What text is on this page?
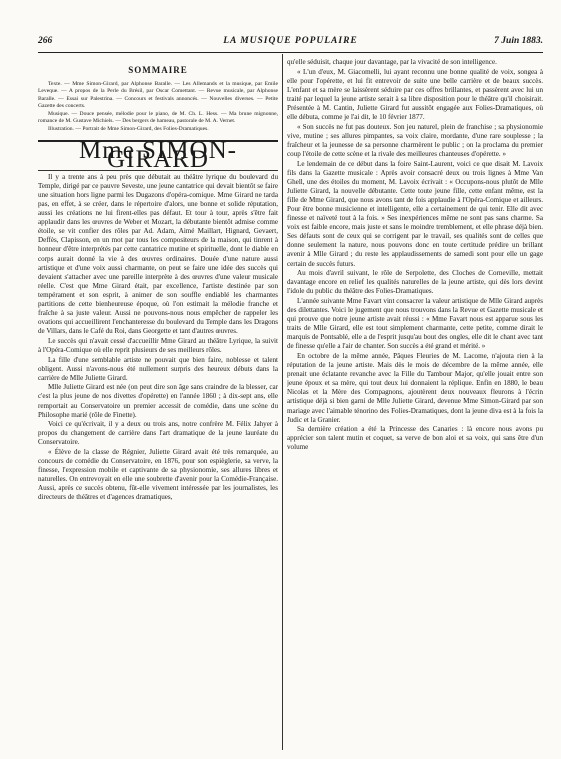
266	LA MUSIQUE POPULAIRE	7 Juin 1883.
SOMMAIRE

Texte. — Mme Simon-Girard, par Alphonse Baralle. — Les Allemands et la musique, par Emile Leveque. — A propos de la Perle du Brésil, par Oscar Comettant. — Revue musicale, par Alphonse Baralle. — Essai sur Palestrina. — Concours et festivals annoncés. — Nouvelles diverses. — Petite Gazette des concerts.

Musique. — Douce pensée, mélodie pour le piano, de M. Ch. L. Hess. — Ma brune mignonne, romance de M. Gustave Michiels. — Des bergers de hameau, pastorale de M. A. Vernet.

Illustration. — Portrait de Mme Simon-Girard, des Folies-Dramatiques.

Mme SIMON-GIRARD

Il y a trente ans à peu près que débutait au théâtre lyrique du boulevard du Temple, dirigé par ce pauvre Seveste, une jeune cantatrice qui devait bientôt se faire une situation hors ligne parmi les Dugazons d'opéra-comique. Mme Girard ne tarda pas, en effet, à se créer, dans le répertoire d'alors, une bonne et solide réputation, aussi les créations ne lui firent-elles pas défaut. Et tour à tour, après s'être fait applaudir dans les œuvres de Weber et Mozart, la débutante bientôt admise comme étoile, se vit confier des rôles par Ad. Adam, Aimé Maillart, Hignard, Gevaert, Deffès, Clapisson, en un mot par tous les compositeurs de la maison, qui tinrent à honneur d'être interprétés par cette cantatrice mutine et spirituelle, dont le diable en corps aurait donné la vie à des œuvres ordinaires. Douée d'une nature aussi artistique et d'une voix aussi charmante, on peut se faire une idée des succès qui devaient s'attacher avec une pareille interprète à des œuvres d'une valeur musicale réelle. C'est que Mme Girard était, par excellence, l'artiste destinée par son tempérament et son esprit, à animer de son souffle endiablé les charmantes partitions de cette bienheureuse époque, où l'on estimait la mélodie franche et fraîche à sa juste valeur. Aussi ne pouvons-nous nous empêcher de rappeler les ovations qui accueillirent l'enchanteresse du boulevard du Temple dans les Dragons de Villars, dans le Café du Roi, dans Georgette et tant d'autres œuvres.

Le succès qui n'avait cessé d'accueillir Mme Girard au théâtre Lyrique, la suivit à l'Opéra-Comique où elle reprit plusieurs de ses meilleurs rôles.

La fille d'une semblable artiste ne pouvait que bien faire, noblesse et talent obligent. Aussi n'avons-nous été nullement surpris des heureux débuts dans la carrière de Mlle Juliette Girard.

Mlle Juliette Girard est née (on peut dire son âge sans craindre de la blesser, car c'est la plus jeune de nos divettes d'opérette) en l'année 1860 ; à dix-sept ans, elle remportait au Conservatoire un premier accessit de comédie, dans une scène du Philosophe marié (rôle de Finette).

Voici ce qu'écrivait, il y a deux ou trois ans, notre confrère M. Félix Jahyer à propos du changement de carrière dans l'art dramatique de la jeune lauréate du Conservatoire.

« Élève de la classe de Régnier, Juliette Girard avait été très remarquée, au concours de comédie du Conservatoire, en 1876, pour son espièglerie, sa verve, la finesse, l'expression mobile et captivante de sa physionomie, ses allures libres et naturelles. On entrevoyait en elle une soubrette d'avenir pour la Comédie-Française. Aussi, après ce succès obtenu, fût-elle vivement intéressée par les journalistes, les directeurs de théâtres et d'agences dramatiques,

qu'elle séduisit, chaque jour davantage, par la vivacité de son intelligence.

« L'un d'eux, M. Giacomelli, lui ayant reconnu une bonne qualité de voix, songea à elle pour l'opérette, et lui fit entrevoir de suite une belle carrière et de beaux succès. L'enfant et sa mère se laissèrent séduire par ces offres brillantes, et passèrent avec lui un traité par lequel la jeune artiste serait à sa libre disposition pour le théâtre qu'il choisirait. Présentée à M. Cantin, Juliette Girard fut aussitôt engagée aux Folies-Dramatiques, où elle débuta, comme je l'ai dit, le 10 février 1877.

« Son succès ne fut pas douteux. Son jeu naturel, plein de franchise ; sa physionomie vive, mutine ; ses allures pimpantes, sa voix claire, mordante, d'une rare souplesse ; la fraîcheur et la jeunesse de sa personne charmèrent le public ; on la proclama du premier coup l'étoile de cette scène et la rivale des meilleures chanteuses d'opérette. »

Le lendemain de ce début dans la foire Saint-Laurent, voici ce que disait M. Lavoix fils dans la Gazette musicale : Après avoir consacré deux ou trois lignes à Mme Van Ghell, une des étoiles du moment, M. Lavoix écrivait : « Occupons-nous plutôt de Mlle Juliette Girard, la nouvelle débutante. Cette toute jeune fille, cette enfant même, est la fille de Mme Girard, que nous avons tant de fois applaudie à l'Opéra-Comique et ailleurs. Pour être bonne musicienne et intelligente, elle a certainement de qui tenir. Elle dit avec finesse et naïveté tout à la fois. » Ses inexpériences même ne sont pas sans charme. Sa voix est faible encore, mais juste et sans le moindre tremblement, et elle phrase déjà bien. Ses défauts sont de ceux qui se corrigent par le travail, ses qualités sont de celles que donne seulement la nature, nous pouvons donc en toute certitude prédire un brillant avenir à Mlle Girard ; du reste les applaudissements de samedi sont pour elle un gage certain de succès futurs.

Au mois d'avril suivant, le rôle de Serpolette, des Cloches de Corneville, mettait davantage encore en relief les qualités naturelles de la jeune artiste, qui dès lors devint l'idole du public du théâtre des Folies-Dramatiques.

L'année suivante Mme Favart vint consacrer la valeur artistique de Mlle Girard auprès des dilettantes. Voici le jugement que nous trouvons dans la Revue et Gazette musicale et qui prouve que notre jeune artiste avait réussi : « Mme Favart nous est apparue sous les traits de Mlle Girard, elle est tout simplement charmante, cette petite, comme dirait le marquis de Pontsablé, elle a de l'esprit jusqu'au bout des ongles, elle dit le chant avec tant de finesse qu'elle a l'air de chanter. Son succès a été grand et mérité. »

En octobre de la même année, Pâques Fleuries de M. Lacome, n'ajouta rien à la réputation de la jeune artiste. Mais dès le mois de décembre de la même année, elle prenait une éclatante revanche avec la Fille du Tambour Major, qu'elle jouait entre son jeune époux et sa mère, qui tout deux lui donnaient la réplique. Enfin en 1880, le beau Nicolas et la Mère des Compagnons, ajoutèrent deux nouveaux fleurons à l'écrin artistique déjà si bien garni de Mlle Juliette Girard, devenue Mme Simon-Girard par son mariage avec l'aimable ténorino des Folies-Dramatiques, dont la jeune diva est à la fois la Judic et la Granier.

Sa dernière création a été la Princesse des Canaries : là encore nous avons pu apprécier son talent mutin et coquet, sa verve de bon aloi et sa voix, qui sans être d'un volume
